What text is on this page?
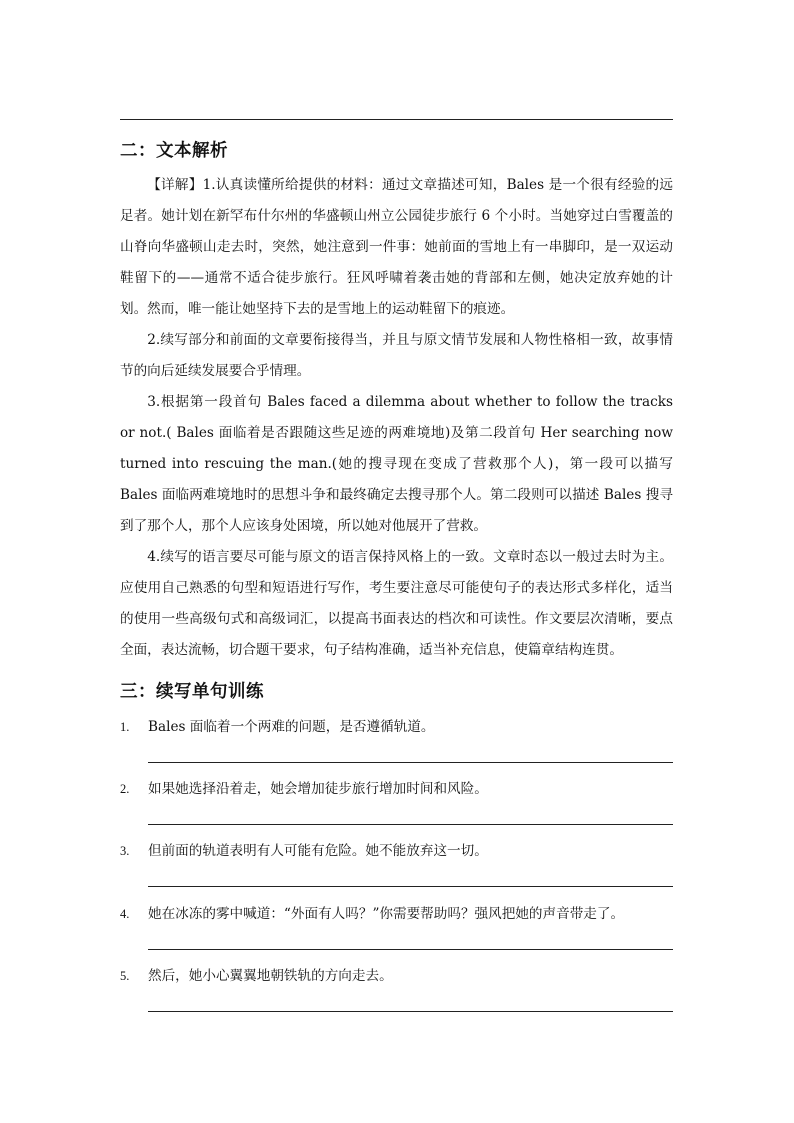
二：文本解析

【详解】1.认真读懂所给提供的材料：通过文章描述可知，Bales 是一个很有经验的远足者。她计划在新罕布什尔州的华盛顿山州立公园徒步旅行 6 个小时。当她穿过白雪覆盖的山脊向华盛顿山走去时，突然，她注意到一件事：她前面的雪地上有一串脚印，是一双运动鞋留下的——通常不适合徒步旅行。狂风呼啸着袭击她的背部和左侧，她决定放弃她的计划。然而，唯一能让她坚持下去的是雪地上的运动鞋留下的痕迹。

2.续写部分和前面的文章要衔接得当，并且与原文情节发展和人物性格相一致，故事情节的向后延续发展要合乎情理。

3.根据第一段首句 Bales faced a dilemma about whether to follow the tracks or not.( Bales 面临着是否跟随这些足迹的两难境地)及第二段首句 Her searching now turned into rescuing the man.(她的搜寻现在变成了营救那个人)，第一段可以描写 Bales 面临两难境地时的思想斗争和最终确定去搜寻那个人。第二段则可以描述 Bales 搜寻到了那个人，那个人应该身处困境，所以她对他展开了营救。

4.续写的语言要尽可能与原文的语言保持风格上的一致。文章时态以一般过去时为主。应使用自己熟悉的句型和短语进行写作，考生要注意尽可能使句子的表达形式多样化，适当的使用一些高级句式和高级词汇，以提高书面表达的档次和可读性。作文要层次清晰，要点全面，表达流畅，切合题干要求，句子结构准确，适当补充信息，使篇章结构连贯。

三：续写单句训练
1.	Bales 面临着一个两难的问题，是否遵循轨道。
2.	如果她选择沿着走，她会增加徒步旅行增加时间和风险。
3.	但前面的轨道表明有人可能有危险。她不能放弃这一切。
4.	她在冰冻的雾中喊道：“外面有人吗？”你需要帮助吗？强风把她的声音带走了。
5.	然后，她小心翼翼地朝铁轨的方向走去。
